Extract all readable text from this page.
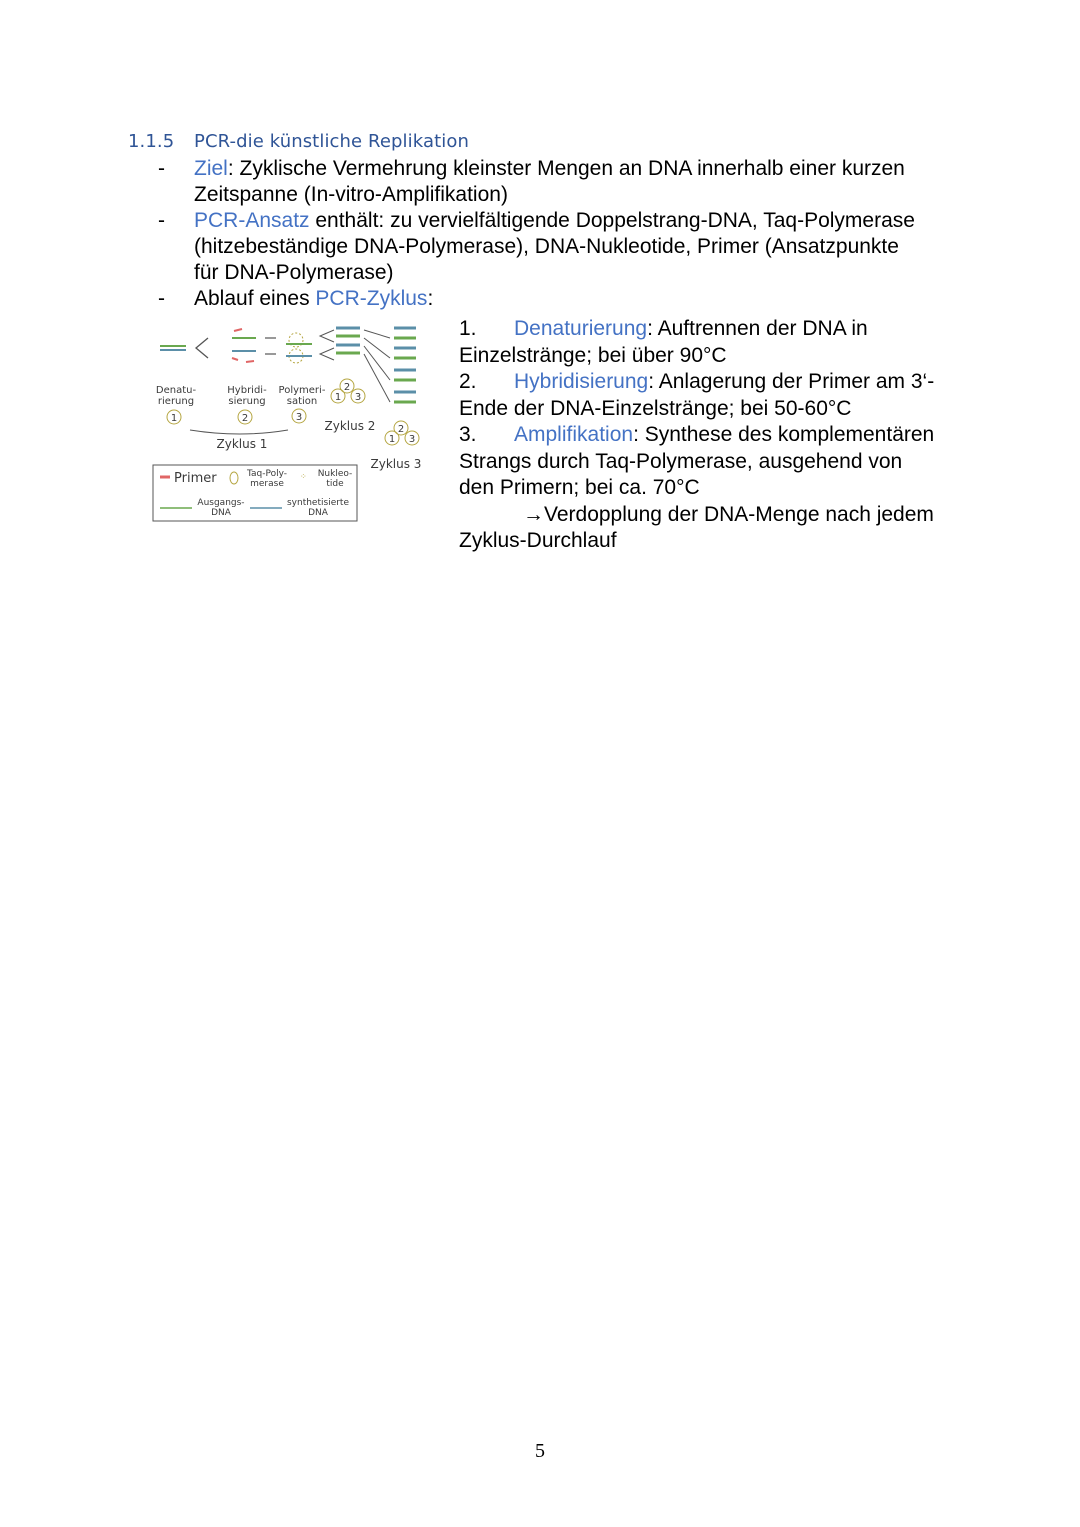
1.1.5 PCR-die künstliche Replikation
- Ziel: Zyklische Vermehrung kleinster Mengen an DNA innerhalb einer kurzen
Zeitspanne (In-vitro-Amplifikation)
- PCR-Ansatz enthält: zu vervielfältigende Doppelstrang-DNA, Taq-Polymerase
(hitzebeständige DNA-Polymerase), DNA-Nukleotide, Primer (Ansatzpunkte
für DNA-Polymerase)
- Ablauf eines PCR-Zyklus:
Denatu-
rierung
Hybridi-
sierung
Polymeri-
sation
1	2	3
1
2
3
1
2
3
Zyklus 1
Zyklus 2
Zyklus 3
Primer	Taq-Poly-
merase
⁘ Nukleo-
tide
Ausgangs-
DNA
synthetisierte
DNA
1. Denaturierung: Auftrennen der DNA in
Einzelstränge; bei über 90°C
2. Hybridisierung: Anlagerung der Primer am 3‘-
Ende der DNA-Einzelstränge; bei 50-60°C
3. Amplifikation: Synthese des komplementären
Strangs durch Taq-Polymerase, ausgehend von
den Primern; bei ca. 70°C
→Verdopplung der DNA-Menge nach jedem
Zyklus-Durchlauf
5
